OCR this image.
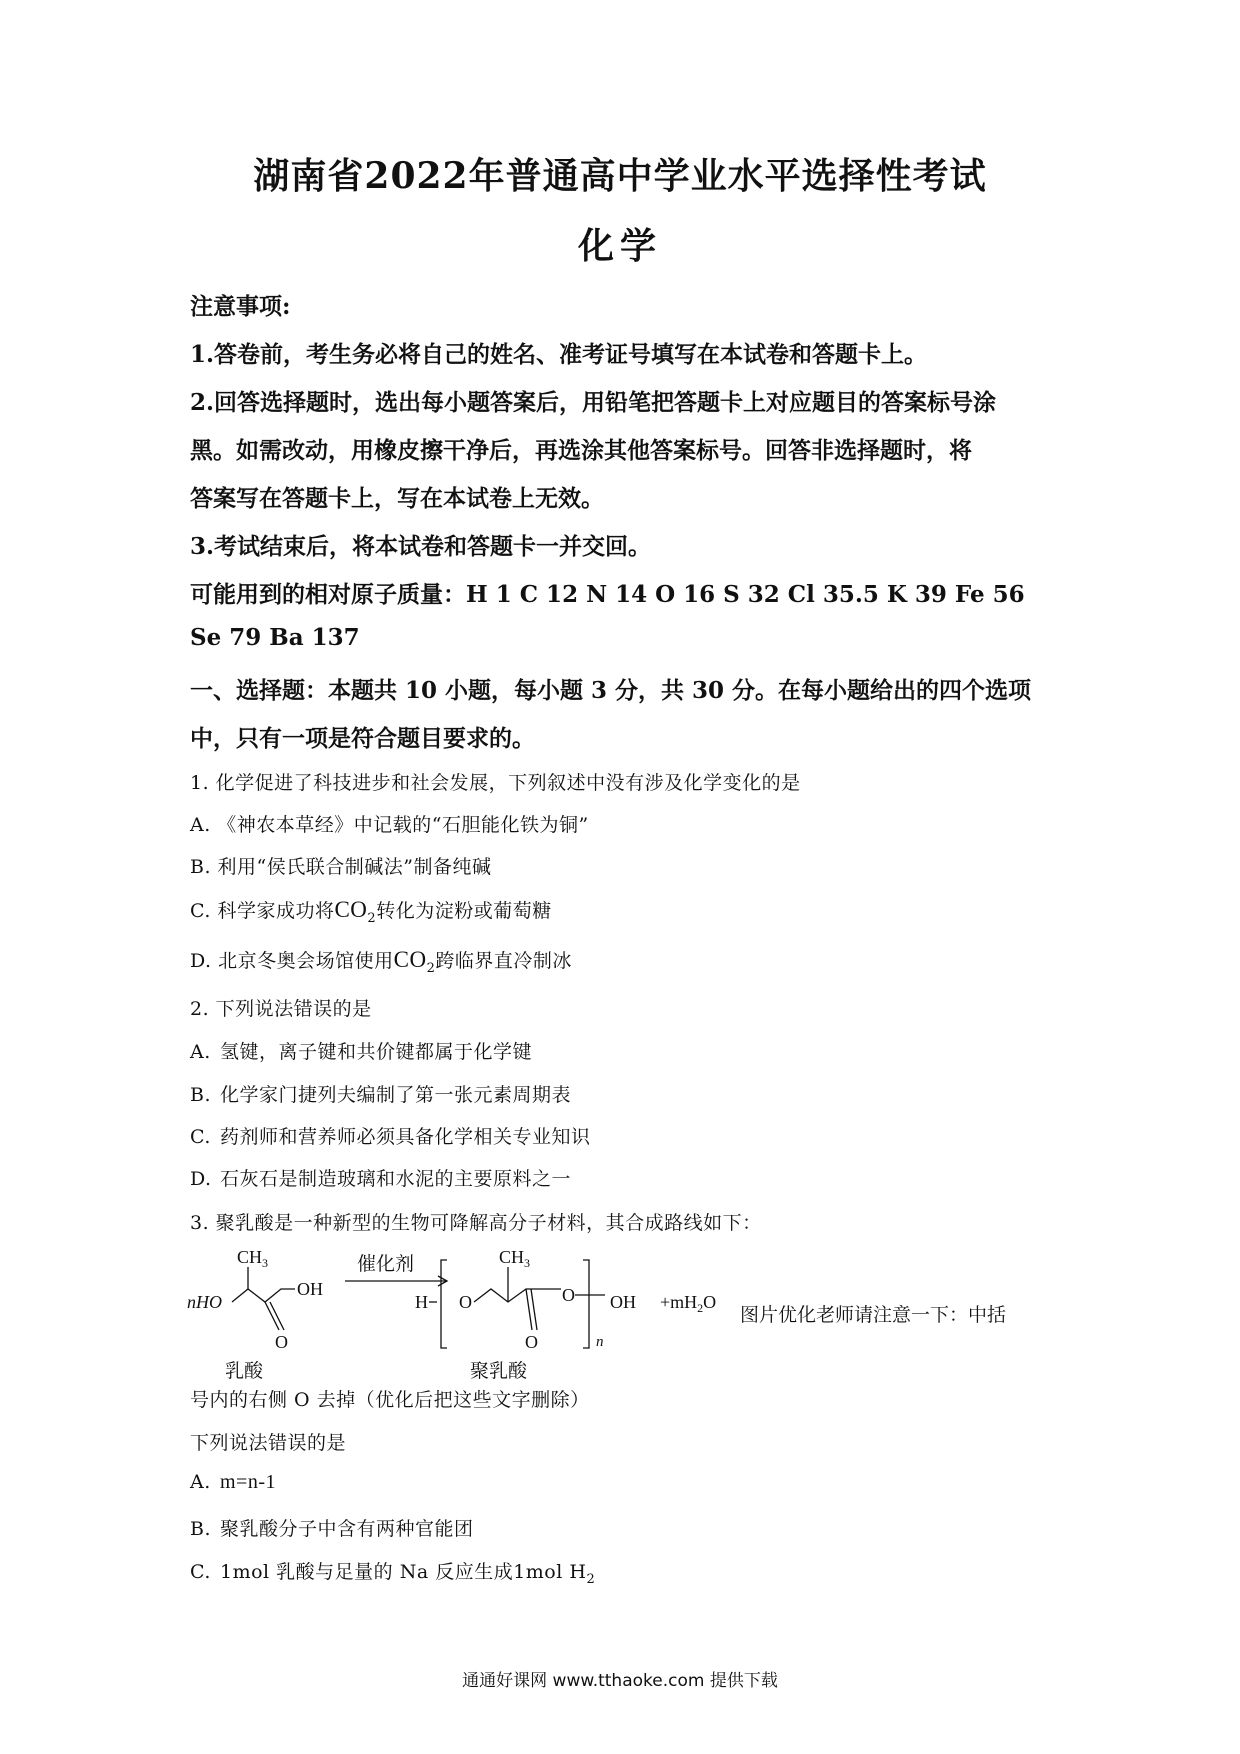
湖南省2022年普通高中学业水平选择性考试
化学
注意事项:
1.答卷前，考生务必将自己的姓名、准考证号填写在本试卷和答题卡上。
2.回答选择题时，选出每小题答案后，用铅笔把答题卡上对应题目的答案标号涂
黑。如需改动，用橡皮擦干净后，再选涂其他答案标号。回答非选择题时，将
答案写在答题卡上，写在本试卷上无效。
3.考试结束后，将本试卷和答题卡一并交回。
可能用到的相对原子质量：H 1 C 12 N 14 O 16 S 32 Cl 35.5 K 39 Fe 56
Se 79 Ba 137
一、选择题：本题共 10 小题，每小题 3 分，共 30 分。在每小题给出的四个选项
中，只有一项是符合题目要求的。
1. 化学促进了科技进步和社会发展，下列叙述中没有涉及化学变化的是
A. 《神农本草经》中记载的“石胆能化铁为铜”
B. 利用“侯氏联合制碱法”制备纯碱
C. 科学家成功将$CO_2$转化为淀粉或葡萄糖
D. 北京冬奥会场馆使用$CO_2$跨临界直冷制冰
2. 下列说法错误的是
A. 氢键，离子键和共价键都属于化学键
B. 化学家门捷列夫编制了第一张元素周期表
C. 药剂师和营养师必须具备化学相关专业知识
D. 石灰石是制造玻璃和水泥的主要原料之一
3. 聚乳酸是一种新型的生物可降解高分子材料，其合成路线如下：
$CH_3$
nHO
OH
O
乳酸
催化剂
H O
$CH_3$
O
O
OH
n
$+mH_2O$
聚乳酸
图片优化老师请注意一下：中括
号内的右侧 O 去掉（优化后把这些文字删除）
下列说法错误的是
A. m=n-1
B. 聚乳酸分子中含有两种官能团
C. 1mol 乳酸与足量的 Na 反应生成1mol $H_2$
通通好课网 www.tthaoke.com 提供下载
